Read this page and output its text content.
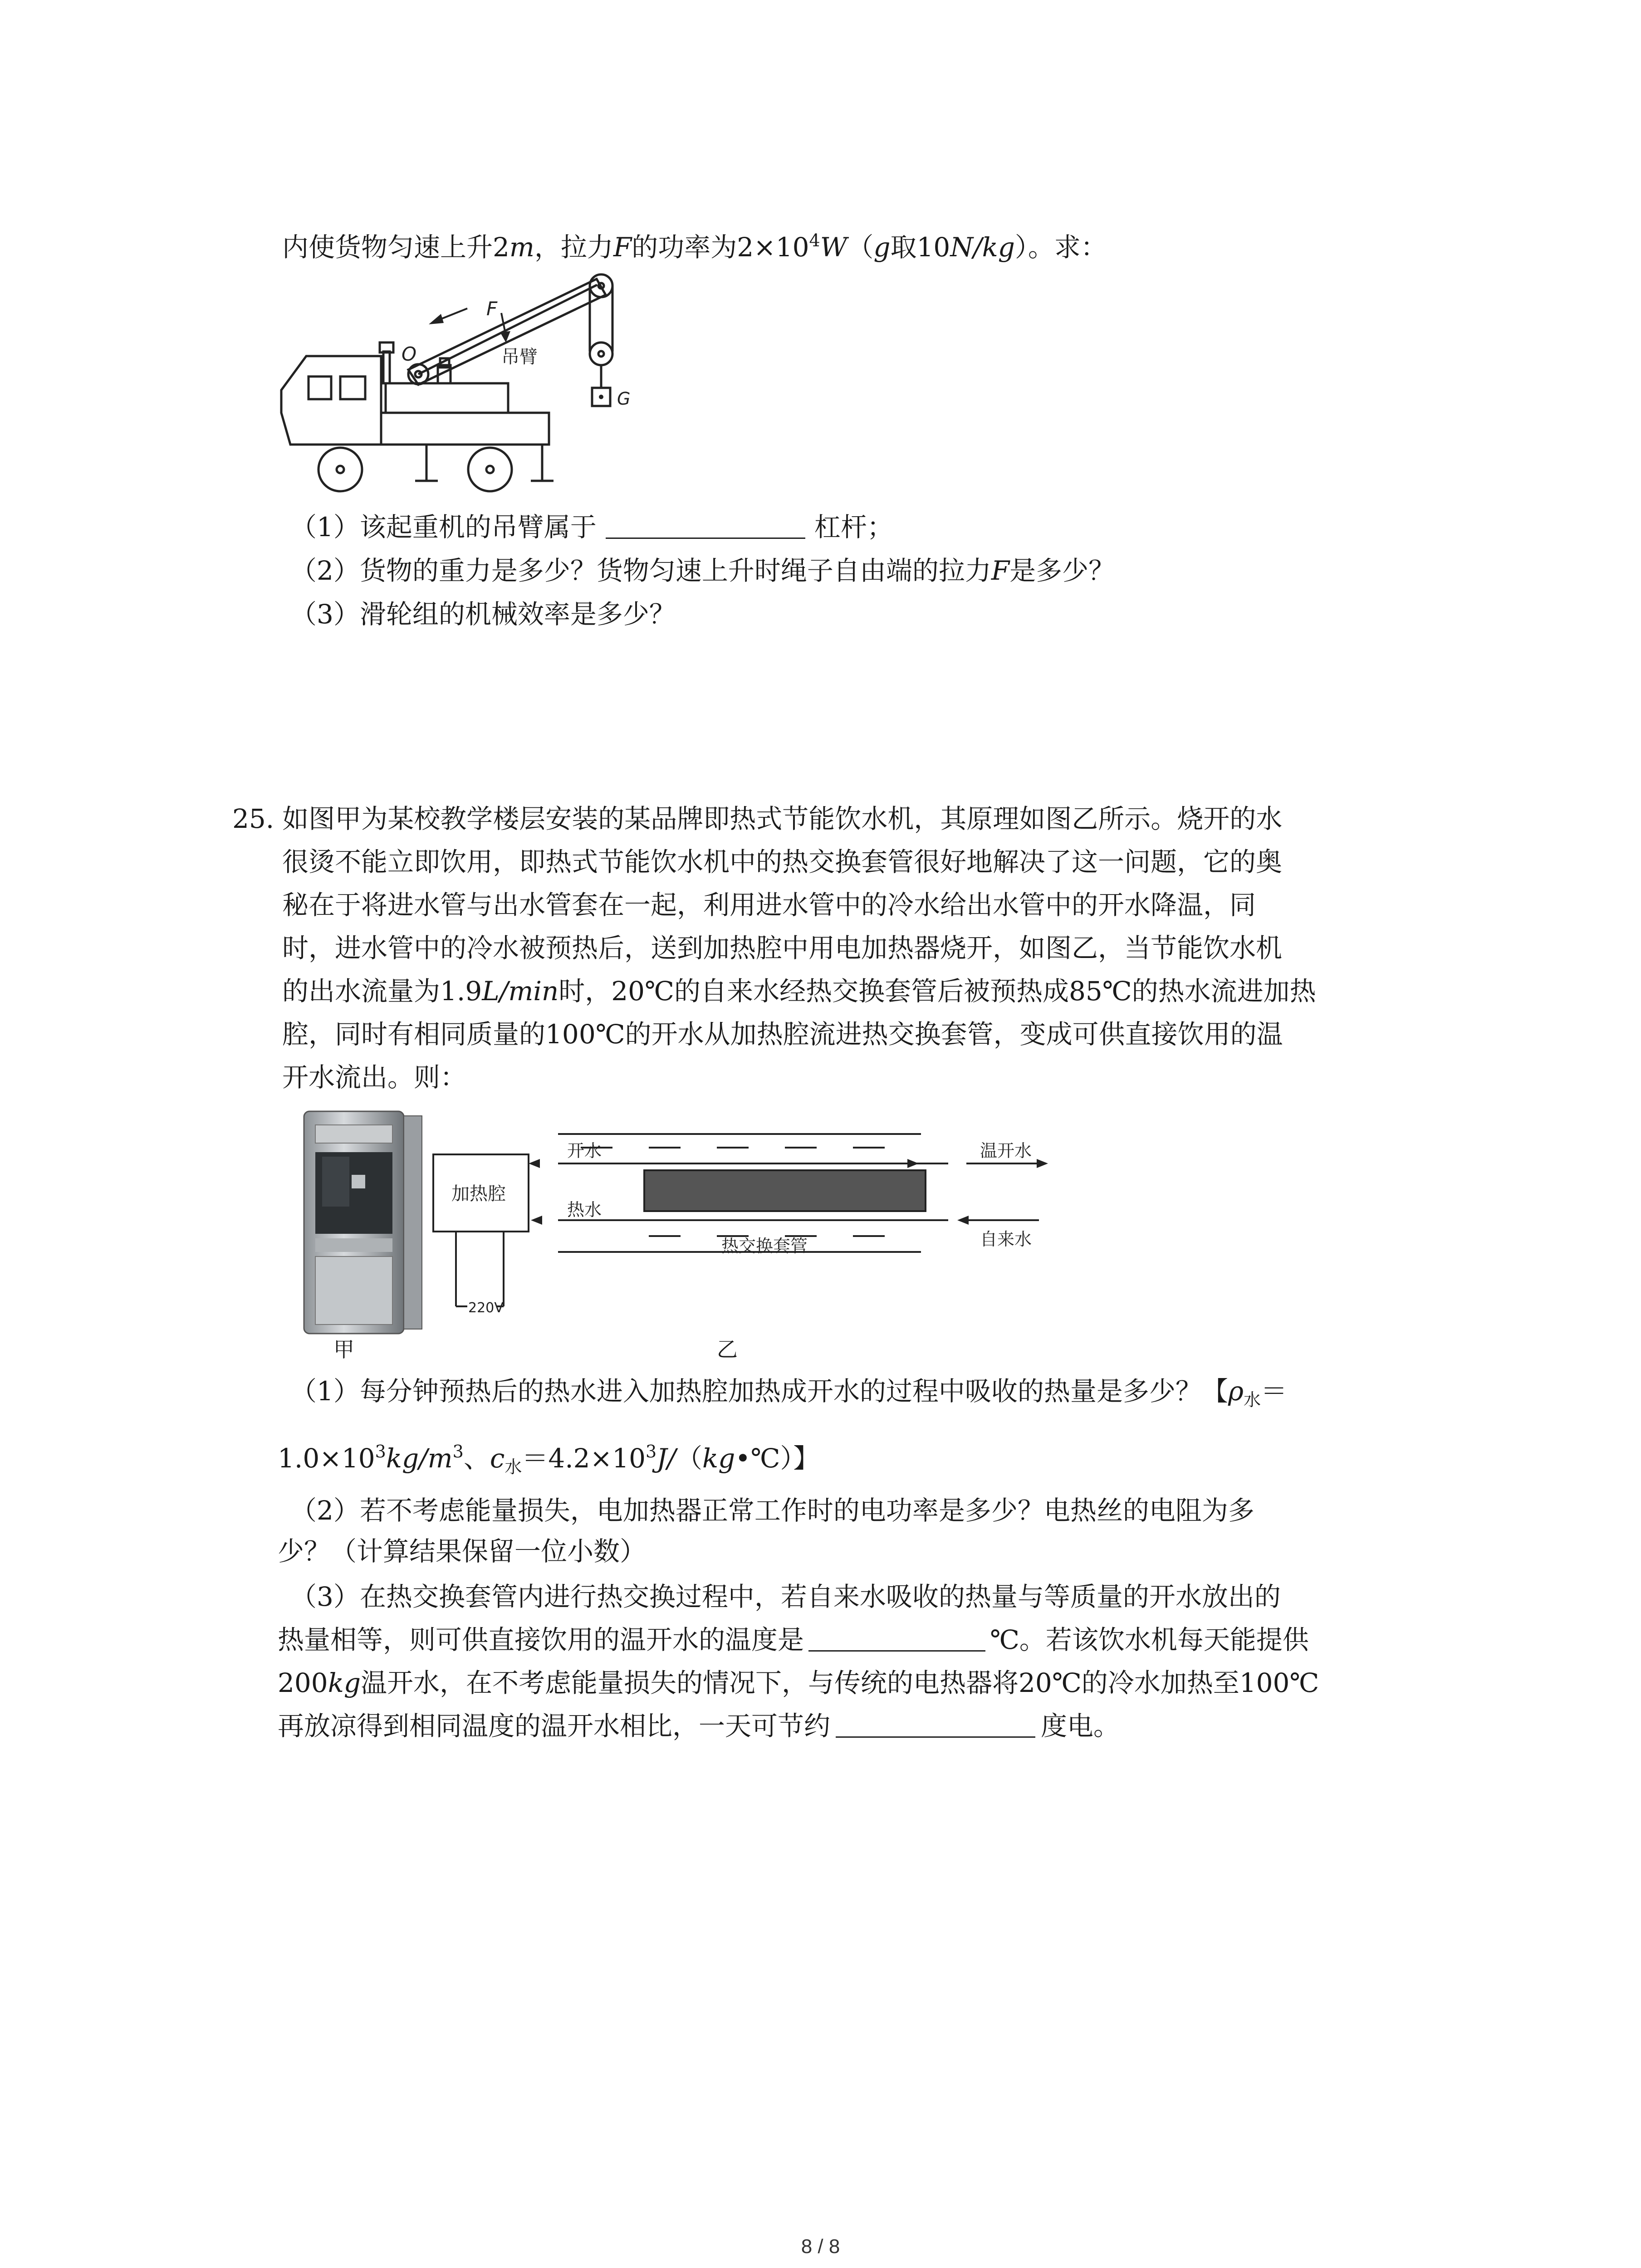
内使货物匀速上升2m，拉力F的功率为$2\times 10^4W(g$取10N/kg）。求：
F
O	吊臂
G
（1）该起重机的吊臂属于	杠杆；
（2）货物的重力是多少？货物匀速上升时绳子自由端的拉力F是多少？
（3）滑轮组的机械效率是多少？
25. 如图甲为某校教学楼层安装的某品牌即热式节能饮水机，其原理如图乙所示。烧开的水
很烫不能立即饮用，即热式节能饮水机中的热交换套管很好地解决了这一问题，它的奥
秘在于将进水管与出水管套在一起，利用进水管中的冷水给出水管中的开水降温，同
时，进水管中的冷水被预热后，送到加热腔中用电加热器烧开，如图乙，当节能饮水机
的出水流量为1.9L/min时，20℃的自来水经热交换套管后被预热成85℃的热水流进加热
腔，同时有相同质量的100℃的开水从加热腔流进热交换套管，变成可供直接饮用的温
开水流出。则：
甲
加热腔
开水
热水
温开水
自来水
热交换套管
220V
乙
（1）每分钟预热后的热水进入加热腔加热成开水的过程中吸收的热量是多少？【$\rho_水=$
$1.0\times 10^3kg/m^3$、$c_水=4.2\times 10^3J/(kg•℃)$】
（2）若不考虑能量损失，电加热器正常工作时的电功率是多少？电热丝的电阻为多
少？（计算结果保留一位小数）
（3）在热交换套管内进行热交换过程中，若自来水吸收的热量与等质量的开水放出的
热量相等，则可供直接饮用的温开水的温度是	℃。若该饮水机每天能提供
200kg温开水，在不考虑能量损失的情况下，与传统的电热器将20℃的冷水加热至100℃
再放凉得到相同温度的温开水相比，一天可节约	度电。
8 / 8
